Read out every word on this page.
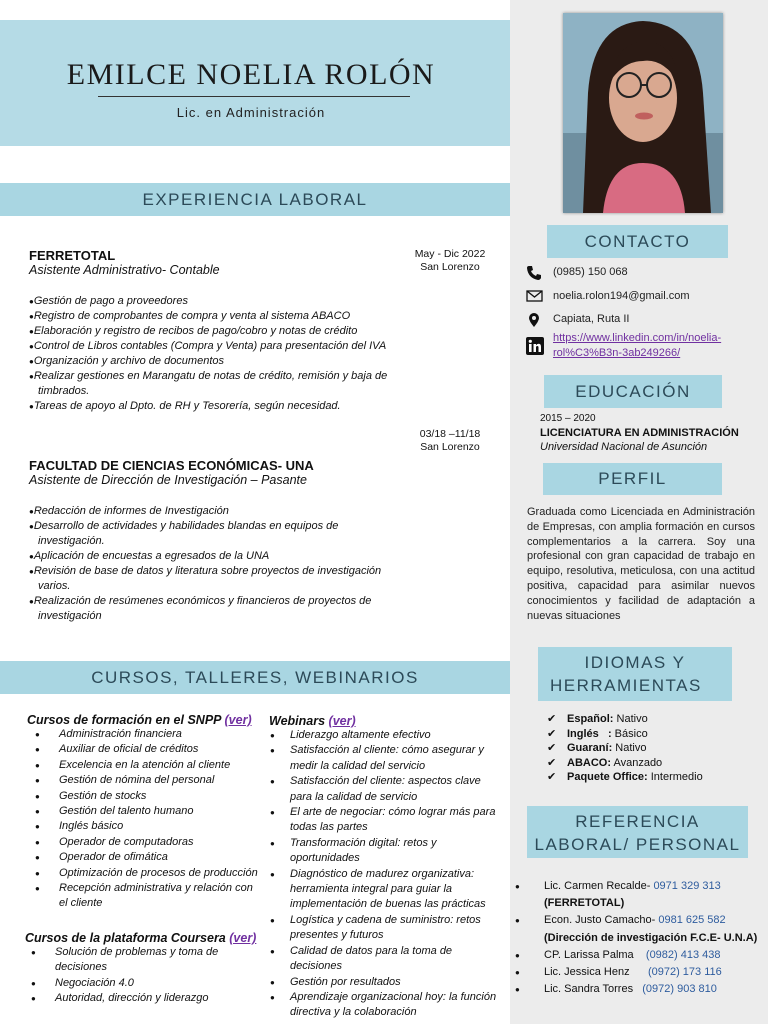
EMILCE NOELIA ROLÓN
Lic. en Administración
EXPERIENCIA LABORAL
FERRETOTAL
Asistente Administrativo- Contable
● Gestión de pago a proveedores
● Registro de comprobantes de compra y venta al sistema ABACO
● Elaboración y registro de recibos de pago/cobro y notas de crédito
● Control de Libros contables (Compra y Venta) para presentación del IVA
● Organización y archivo de documentos
● Realizar gestiones en Marangatu de notas de crédito, remisión y baja de timbrados.
● Tareas de apoyo al Dpto. de RH y Tesorería, según necesidad.
May - Dic 2022
San Lorenzo
FACULTAD DE CIENCIAS ECONÓMICAS- UNA
Asistente de Dirección de Investigación – Pasante
● Redacción de informes de Investigación
● Desarrollo de actividades y habilidades blandas en equipos de investigación.
● Aplicación de encuestas a egresados de la UNA
● Revisión de base de datos y literatura sobre proyectos de investigación varios.
● Realización de resúmenes económicos y financieros de proyectos de investigación
03/18 –11/18
San Lorenzo
CURSOS, TALLERES, WEBINARIOS
Cursos de formación en el SNPP (ver)
● Administración financiera
● Auxiliar de oficial de créditos
● Excelencia en la atención al cliente
● Gestión de nómina del personal
● Gestión de stocks
● Gestión del talento humano
● Inglés básico
● Operador de computadoras
● Operador de ofimática
● Optimización de procesos de producción
● Recepción administrativa y relación con el cliente
Cursos de la plataforma Coursera (ver)
● Solución de problemas y toma de decisiones
● Negociación 4.0
● Autoridad, dirección y liderazgo
Webinars (ver)
● Liderazgo altamente efectivo
● Satisfacción al cliente: cómo asegurar y medir la calidad del servicio
● Satisfacción del cliente: aspectos clave para la calidad de servicio
● El arte de negociar: cómo lograr más para todas las partes
● Transformación digital: retos y oportunidades
● Diagnóstico de madurez organizativa: herramienta integral para guiar la implementación de buenas las prácticas
● Logística y cadena de suministro: retos presentes y futuros
● Calidad de datos para la toma de decisiones
● Gestión por resultados
● Aprendizaje organizacional hoy: la función directiva y la colaboración
CONTACTO
(0985) 150 068
noelia.rolon194@gmail.com
Capiata, Ruta II
https://www.linkedin.com/in/noelia-
rol%C3%B3n-3ab249266/
EDUCACIÓN
2015 – 2020
LICENCIATURA EN ADMINISTRACIÓN
Universidad Nacional de Asunción
PERFIL
Graduada como Licenciada en Administración de Empresas, con amplia formación en cursos complementarios a la carrera. Soy una profesional con gran capacidad de trabajo en equipo, resolutiva, meticulosa, con una actitud positiva, capacidad para asimilar nuevos conocimientos y facilidad de adaptación a nuevas situaciones
IDIOMAS Y
HERRAMIENTAS
✔ Español: Nativo
✔ Inglés   : Básico
✔ Guaraní: Nativo
✔ ABACO: Avanzado
✔ Paquete Office: Intermedio
REFERENCIA
LABORAL/ PERSONAL
● Lic. Carmen Recalde- 0971 329 313
(FERRETOTAL)
● Econ. Justo Camacho- 0981 625 582
(Dirección de investigación F.C.E- U.N.A)
● CP. Larissa Palma    (0982) 413 438
● Lic. Jessica Henz      (0972) 173 116
● Lic. Sandra Torres   (0972) 903 810
